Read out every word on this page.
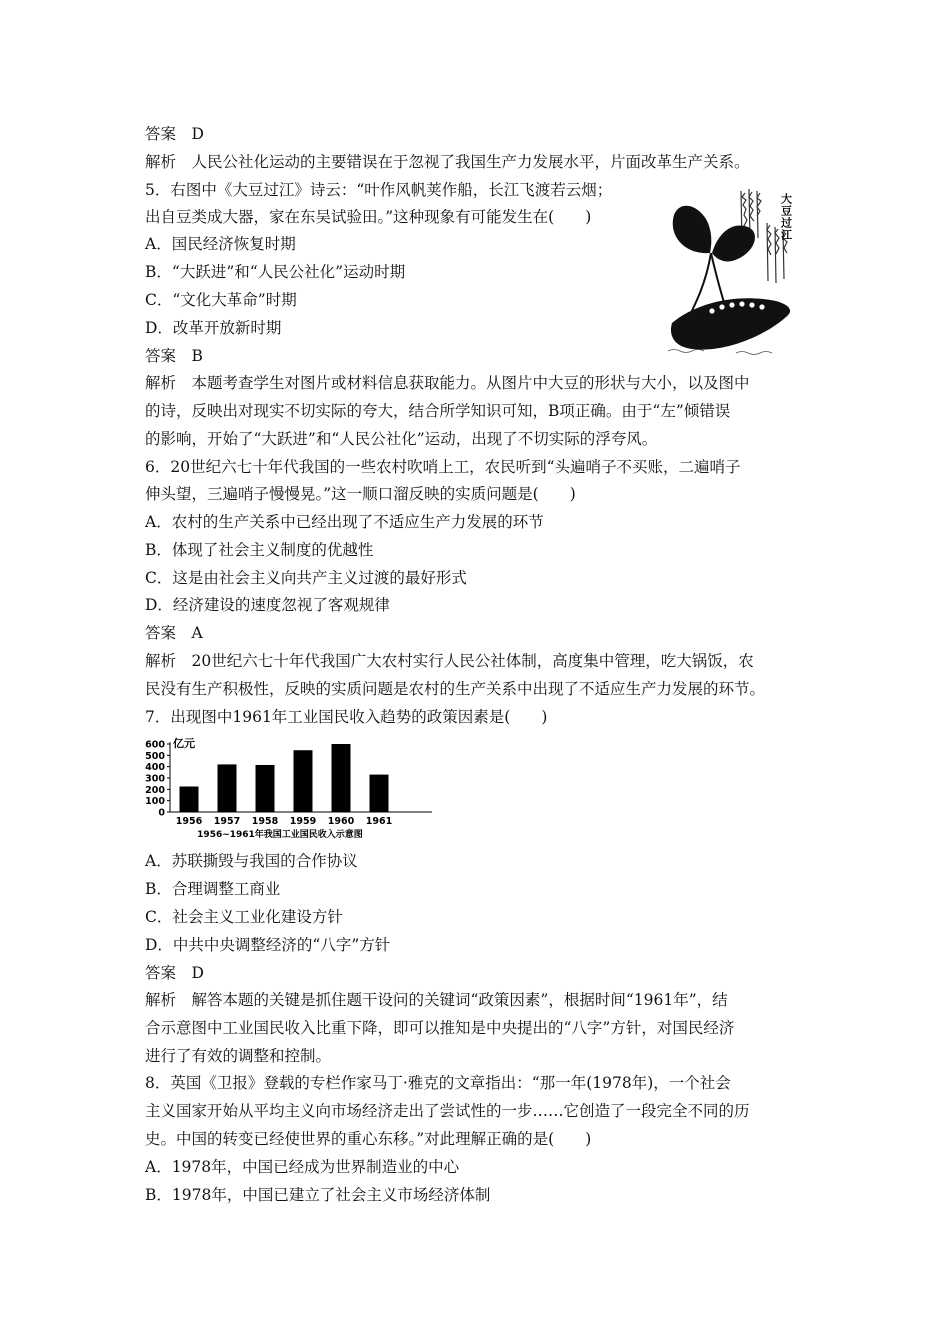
答案　D
解析　人民公社化运动的主要错误在于忽视了我国生产力发展水平，片面改革生产关系。
5．右图中《大豆过江》诗云：“叶作风帆荚作船，长江飞渡若云烟；
出自豆类成大器，家在东吴试验田。”这种现象有可能发生在(　　)
A．国民经济恢复时期
B．“大跃进”和“人民公社化”运动时期
C．“文化大革命”时期
D．改革开放新时期
答案　B
解析　本题考查学生对图片或材料信息获取能力。从图片中大豆的形状与大小，以及图中
的诗，反映出对现实不切实际的夸大，结合所学知识可知，B项正确。由于“左”倾错误
的影响，开始了“大跃进”和“人民公社化”运动，出现了不切实际的浮夸风。
6．20世纪六七十年代我国的一些农村吹哨上工，农民听到“头遍哨子不买账，二遍哨子
伸头望，三遍哨子慢慢晃。”这一顺口溜反映的实质问题是(　　)
A．农村的生产关系中已经出现了不适应生产力发展的环节
B．体现了社会主义制度的优越性
C．这是由社会主义向共产主义过渡的最好形式
D．经济建设的速度忽视了客观规律
答案　A
解析　20世纪六七十年代我国广大农村实行人民公社体制，高度集中管理，吃大锅饭，农
民没有生产积极性，反映的实质问题是农村的生产关系中出现了不适应生产力发展的环节。
7．出现图中1961年工业国民收入趋势的政策因素是(　　)
0
100
200
300
400
500
600
1956 1957 1958 1959 1960 1961
亿元
1956~1961年我国工业国民收入示意图
A．苏联撕毁与我国的合作协议
B．合理调整工商业
C．社会主义工业化建设方针
D．中共中央调整经济的“八字”方针
答案　D
解析　解答本题的关键是抓住题干设问的关键词“政策因素”，根据时间“1961年”，结
合示意图中工业国民收入比重下降，即可以推知是中央提出的“八字”方针，对国民经济
进行了有效的调整和控制。
8．英国《卫报》登载的专栏作家马丁·雅克的文章指出：“那一年(1978年)，一个社会
主义国家开始从平均主义向市场经济走出了尝试性的一步……它创造了一段完全不同的历
史。中国的转变已经使世界的重心东移。”对此理解正确的是(　　)
A．1978年，中国已经成为世界制造业的中心
B．1978年，中国已建立了社会主义市场经济体制
大豆过江
